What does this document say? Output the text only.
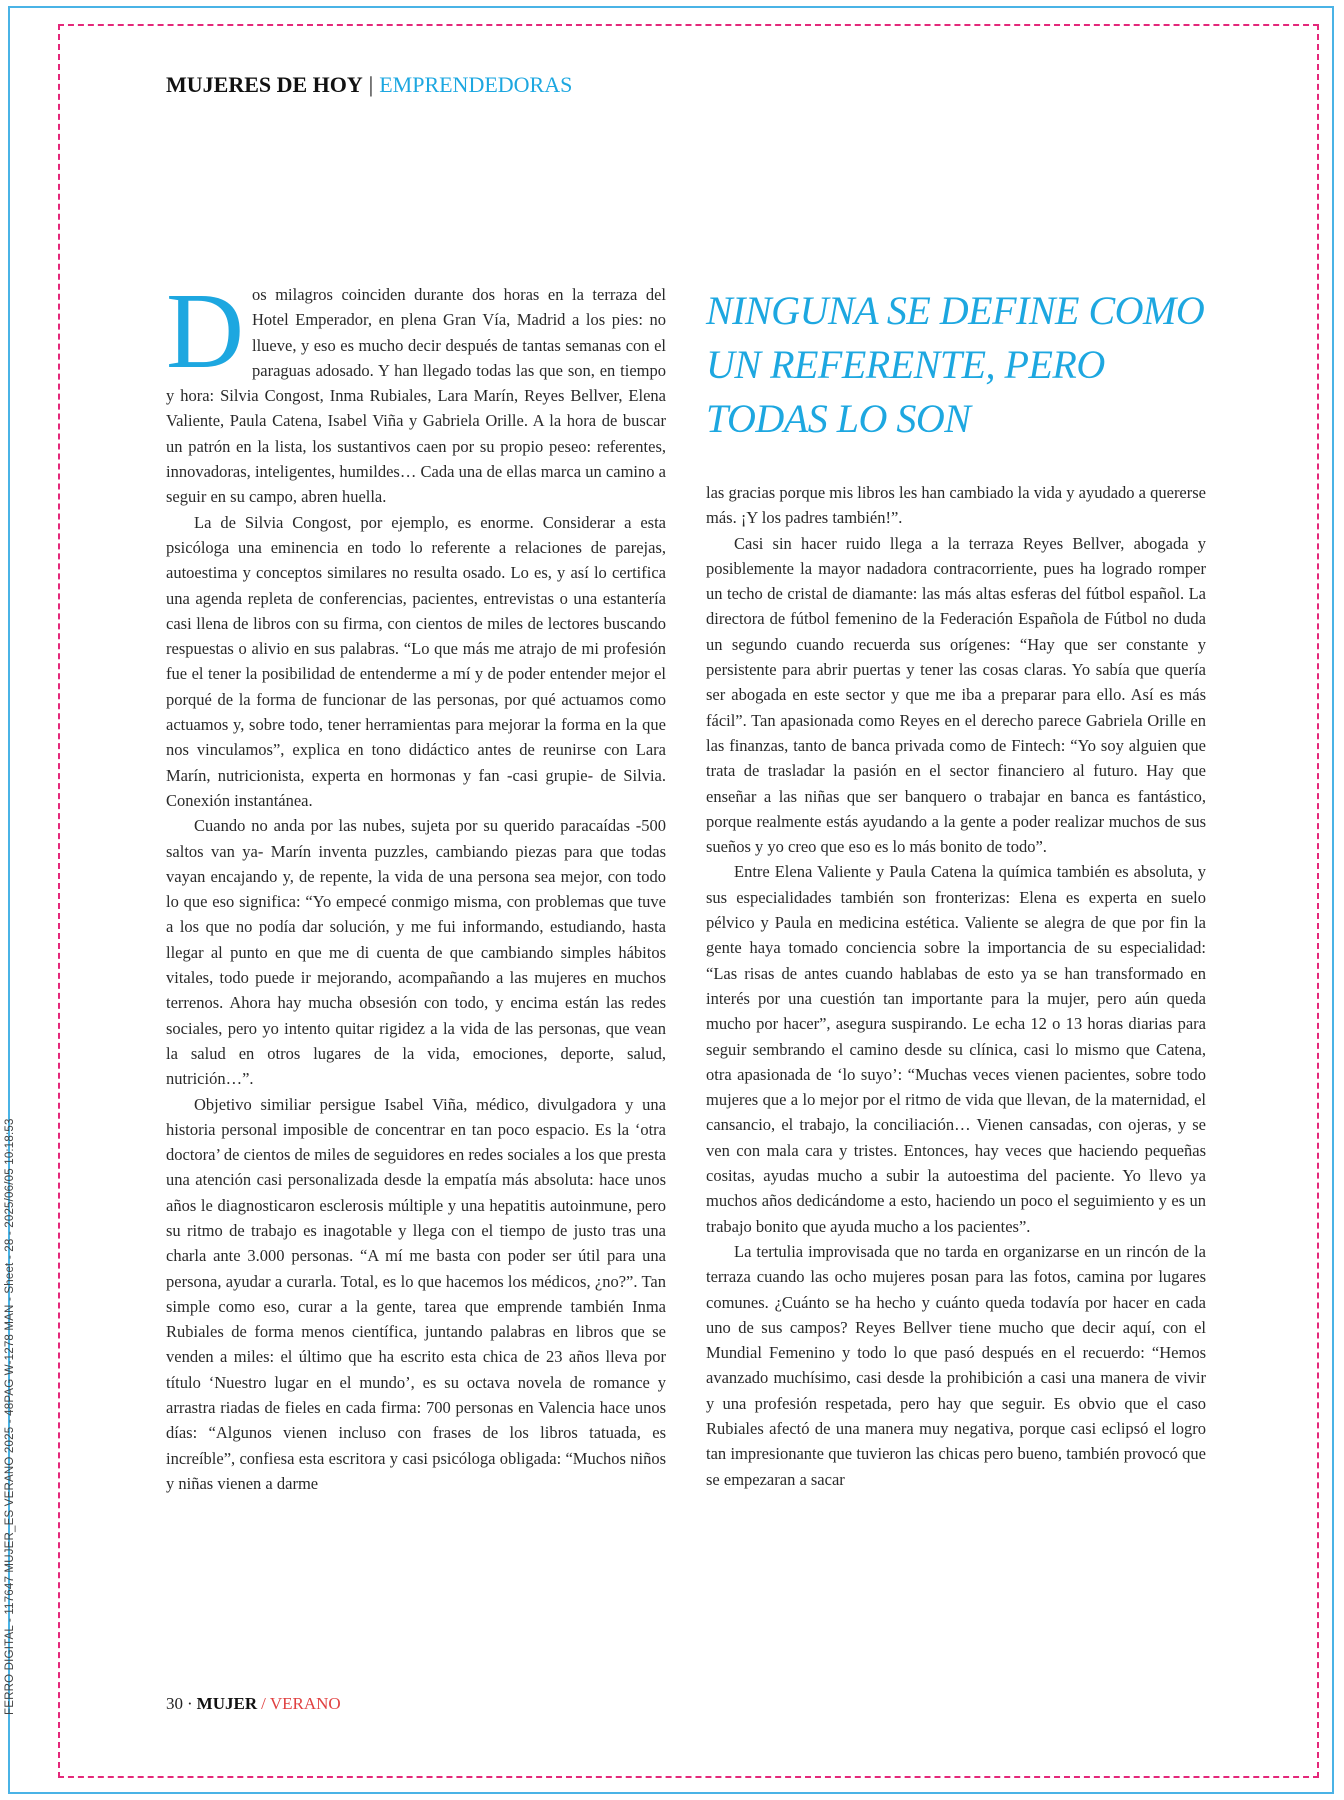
FERRO DIGITAL - 117647 MUJER_ES VERANO 2025 - 48PAG W-1278 MAN - Sheet - 28 - 2025/06/05 10:18:53
MUJERES DE HOY | EMPRENDEDORAS

Dos milagros coinciden durante dos horas en la terraza del Hotel Emperador, en plena Gran Vía, Madrid a los pies: no llueve, y eso es mucho decir después de tantas semanas con el paraguas adosado. Y han llegado todas las que son, en tiempo y hora: Silvia Congost, Inma Rubiales, Lara Marín, Reyes Bellver, Elena Valiente, Paula Catena, Isabel Viña y Gabriela Orille. A la hora de buscar un patrón en la lista, los sustantivos caen por su propio peseo: referentes, innovadoras, inteligentes, humildes… Cada una de ellas marca un camino a seguir en su campo, abren huella.

La de Silvia Congost, por ejemplo, es enorme. Considerar a esta psicóloga una eminencia en todo lo referente a relaciones de parejas, autoestima y conceptos similares no resulta osado. Lo es, y así lo certifica una agenda repleta de conferencias, pacientes, entrevistas o una estantería casi llena de libros con su firma, con cientos de miles de lectores buscando respuestas o alivio en sus palabras. “Lo que más me atrajo de mi profesión fue el tener la posibilidad de entenderme a mí y de poder entender mejor el porqué de la forma de funcionar de las personas, por qué actuamos como actuamos y, sobre todo, tener herramientas para mejorar la forma en la que nos vinculamos”, explica en tono didáctico antes de reunirse con Lara Marín, nutricionista, experta en hormonas y fan -casi grupie- de Silvia. Conexión instantánea.

Cuando no anda por las nubes, sujeta por su querido paracaídas -500 saltos van ya- Marín inventa puzzles, cambiando piezas para que todas vayan encajando y, de repente, la vida de una persona sea mejor, con todo lo que eso significa: “Yo empecé conmigo misma, con problemas que tuve a los que no podía dar solución, y me fui informando, estudiando, hasta llegar al punto en que me di cuenta de que cambiando simples hábitos vitales, todo puede ir mejorando, acompañando a las mujeres en muchos terrenos. Ahora hay mucha obsesión con todo, y encima están las redes sociales, pero yo intento quitar rigidez a la vida de las personas, que vean la salud en otros lugares de la vida, emociones, deporte, salud, nutrición…”.

Objetivo similiar persigue Isabel Viña, médico, divulgadora y una historia personal imposible de concentrar en tan poco espacio. Es la ‘otra doctora’ de cientos de miles de seguidores en redes sociales a los que presta una atención casi personalizada desde la empatía más absoluta: hace unos años le diagnosticaron esclerosis múltiple y una hepatitis autoinmune, pero su ritmo de trabajo es inagotable y llega con el tiempo de justo tras una charla ante 3.000 personas. “A mí me basta con poder ser útil para una persona, ayudar a curarla. Total, es lo que hacemos los médicos, ¿no?”. Tan simple como eso, curar a la gente, tarea que emprende también Inma Rubiales de forma menos científica, juntando palabras en libros que se venden a miles: el último que ha escrito esta chica de 23 años lleva por título ‘Nuestro lugar en el mundo’, es su octava novela de romance y arrastra riadas de fieles en cada firma: 700 personas en Valencia hace unos días: “Algunos vienen incluso con frases de los libros tatuada, es increíble”, confiesa esta escritora y casi psicóloga obligada: “Muchos niños y niñas vienen a darme

NINGUNA SE DEFINE COMO UN REFERENTE, PERO TODAS LO SON

las gracias porque mis libros les han cambiado la vida y ayudado a quererse más. ¡Y los padres también!”.

Casi sin hacer ruido llega a la terraza Reyes Bellver, abogada y posiblemente la mayor nadadora contracorriente, pues ha logrado romper un techo de cristal de diamante: las más altas esferas del fútbol español. La directora de fútbol femenino de la Federación Española de Fútbol no duda un segundo cuando recuerda sus orígenes: “Hay que ser constante y persistente para abrir puertas y tener las cosas claras. Yo sabía que quería ser abogada en este sector y que me iba a preparar para ello. Así es más fácil”. Tan apasionada como Reyes en el derecho parece Gabriela Orille en las finanzas, tanto de banca privada como de Fintech: “Yo soy alguien que trata de trasladar la pasión en el sector financiero al futuro. Hay que enseñar a las niñas que ser banquero o trabajar en banca es fantástico, porque realmente estás ayudando a la gente a poder realizar muchos de sus sueños y yo creo que eso es lo más bonito de todo”.

Entre Elena Valiente y Paula Catena la química también es absoluta, y sus especialidades también son fronterizas: Elena es experta en suelo pélvico y Paula en medicina estética. Valiente se alegra de que por fin la gente haya tomado conciencia sobre la importancia de su especialidad: “Las risas de antes cuando hablabas de esto ya se han transformado en interés por una cuestión tan importante para la mujer, pero aún queda mucho por hacer”, asegura suspirando. Le echa 12 o 13 horas diarias para seguir sembrando el camino desde su clínica, casi lo mismo que Catena, otra apasionada de ‘lo suyo’: “Muchas veces vienen pacientes, sobre todo mujeres que a lo mejor por el ritmo de vida que llevan, de la maternidad, el cansancio, el trabajo, la conciliación… Vienen cansadas, con ojeras, y se ven con mala cara y tristes. Entonces, hay veces que haciendo pequeñas cositas, ayudas mucho a subir la autoestima del paciente. Yo llevo ya muchos años dedicándome a esto, haciendo un poco el seguimiento y es un trabajo bonito que ayuda mucho a los pacientes”.

La tertulia improvisada que no tarda en organizarse en un rincón de la terraza cuando las ocho mujeres posan para las fotos, camina por lugares comunes. ¿Cuánto se ha hecho y cuánto queda todavía por hacer en cada uno de sus campos? Reyes Bellver tiene mucho que decir aquí, con el Mundial Femenino y todo lo que pasó después en el recuerdo: “Hemos avanzado muchísimo, casi desde la prohibición a casi una manera de vivir y una profesión respetada, pero hay que seguir. Es obvio que el caso Rubiales afectó de una manera muy negativa, porque casi eclipsó el logro tan impresionante que tuvieron las chicas pero bueno, también provocó que se empezaran a sacar

30 · MUJER / VERANO
